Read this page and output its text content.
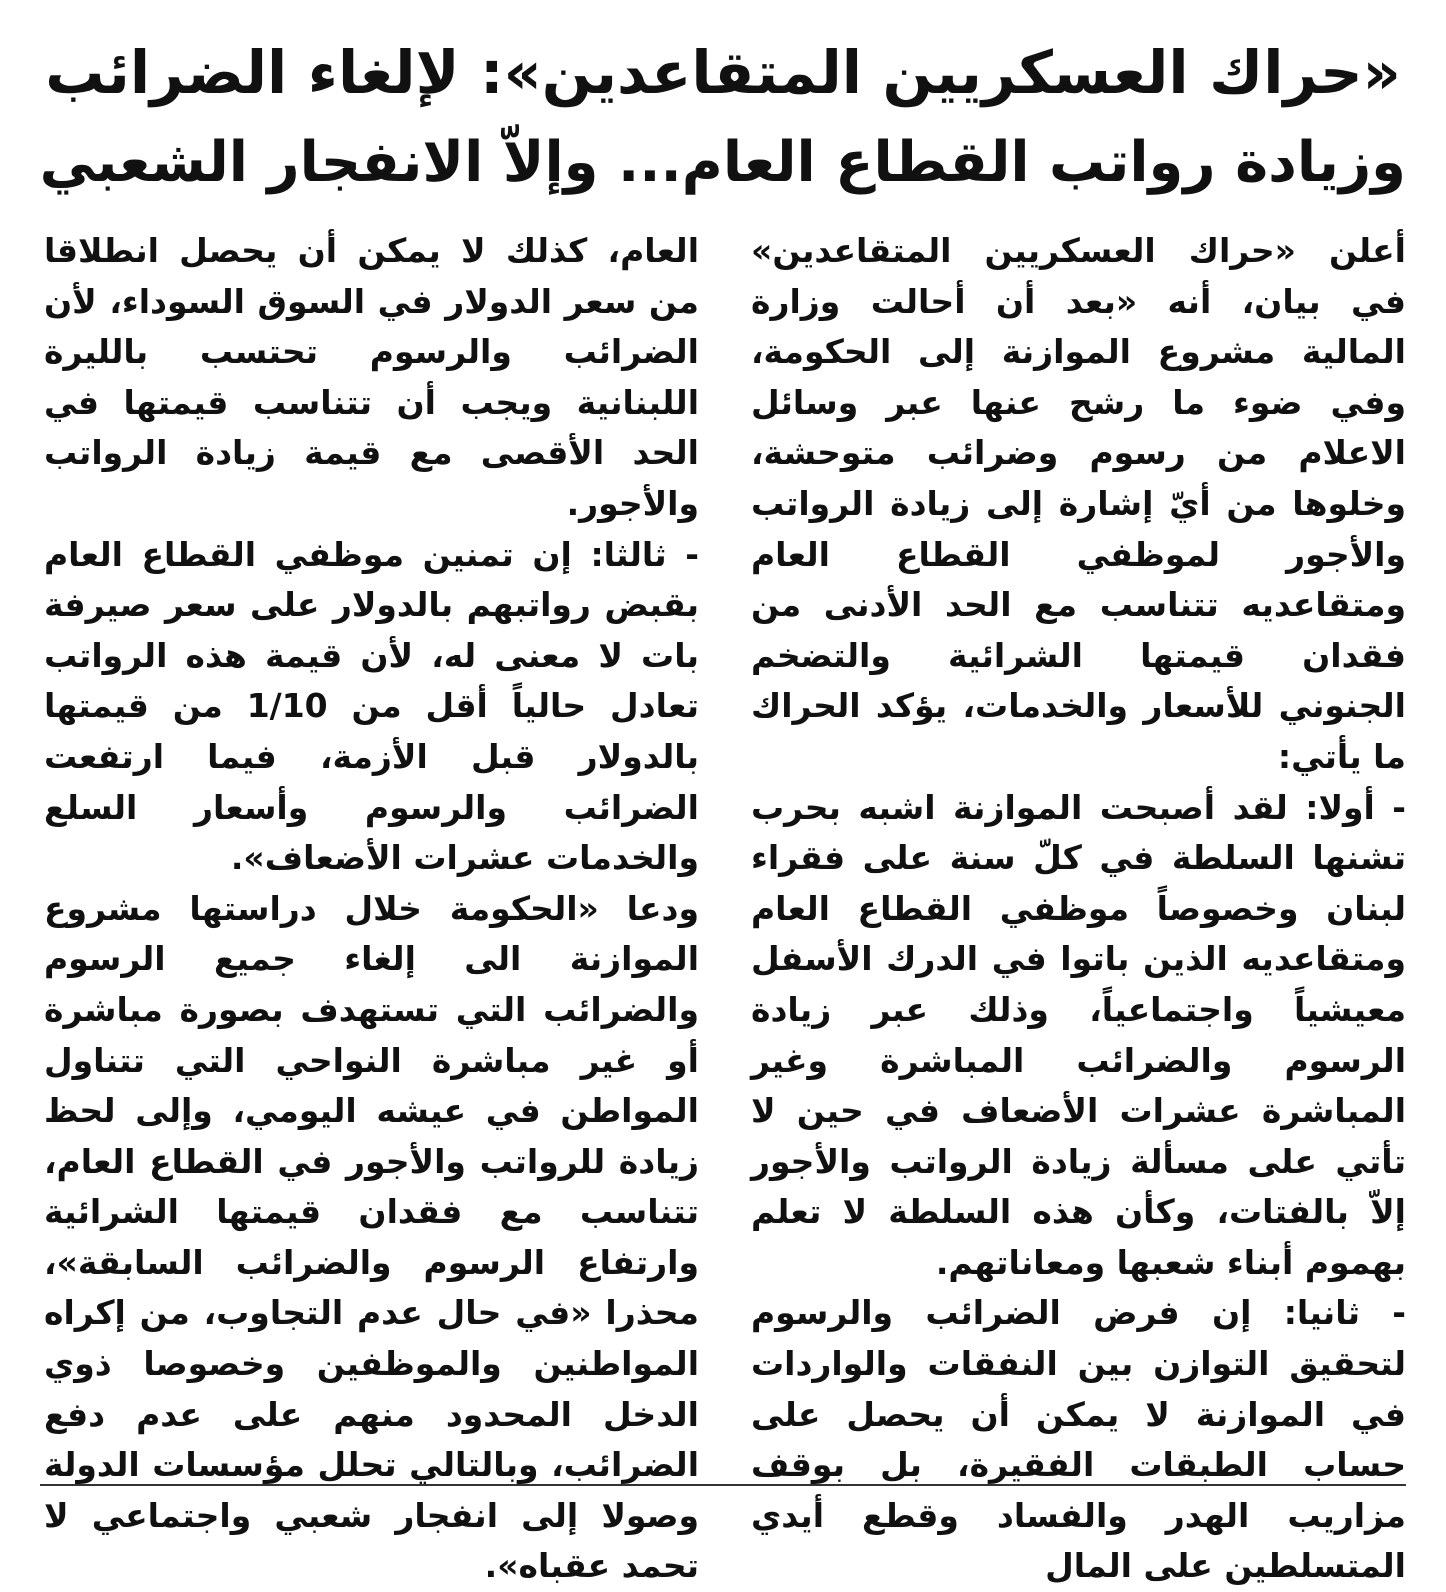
«حراك العسكريين المتقاعدين»: لإلغاء الضرائب
وزيادة رواتب القطاع العام... وإلاّ الانفجار الشعبي

أعلن «حراك العسكريين المتقاعدين» في بيان، أنه «بعد أن أحالت وزارة المالية مشروع الموازنة إلى الحكومة، وفي ضوء ما رشح عنها عبر وسائل الاعلام من رسوم وضرائب متوحشة، وخلوها من أيّ إشارة إلى زيادة الرواتب والأجور لموظفي القطاع العام ومتقاعديه تتناسب مع الحد الأدنى من فقدان قيمتها الشرائية والتضخم الجنوني للأسعار والخدمات، يؤكد الحراك ما يأتي:

- أولا: لقد أصبحت الموازنة اشبه بحرب تشنها السلطة في كلّ سنة على فقراء لبنان وخصوصاً موظفي القطاع العام ومتقاعديه الذين باتوا في الدرك الأسفل معيشياً واجتماعياً، وذلك عبر زيادة الرسوم والضرائب المباشرة وغير المباشرة عشرات الأضعاف في حين لا تأتي على مسألة زيادة الرواتب والأجور إلاّ بالفتات، وكأن هذه السلطة لا تعلم بهموم أبناء شعبها ومعاناتهم.

- ثانيا: إن فرض الضرائب والرسوم لتحقيق التوازن بين النفقات والواردات في الموازنة لا يمكن أن يحصل على حساب الطبقات الفقيرة، بل بوقف مزاريب الهدر والفساد وقطع أيدي المتسلطين على المال

العام، كذلك لا يمكن أن يحصل انطلاقا من سعر الدولار في السوق السوداء، لأن الضرائب والرسوم تحتسب بالليرة اللبنانية ويجب أن تتناسب قيمتها في الحد الأقصى مع قيمة زيادة الرواتب والأجور.

- ثالثا: إن تمنين موظفي القطاع العام بقبض رواتبهم بالدولار على سعر صيرفة بات لا معنى له، لأن قيمة هذه الرواتب تعادل حالياً أقل من 1/10 من قيمتها بالدولار قبل الأزمة، فيما ارتفعت الضرائب والرسوم وأسعار السلع والخدمات عشرات الأضعاف».

ودعا «الحكومة خلال دراستها مشروع الموازنة الى إلغاء جميع الرسوم والضرائب التي تستهدف بصورة مباشرة أو غير مباشرة النواحي التي تتناول المواطن في عيشه اليومي، وإلى لحظ زيادة للرواتب والأجور في القطاع العام، تتناسب مع فقدان قيمتها الشرائية وارتفاع الرسوم والضرائب السابقة»، محذرا «في حال عدم التجاوب، من إكراه المواطنين والموظفين وخصوصا ذوي الدخل المحدود منهم على عدم دفع الضرائب، وبالتالي تحلل مؤسسات الدولة وصولا إلى انفجار شعبي واجتماعي لا تحمد عقباه».
